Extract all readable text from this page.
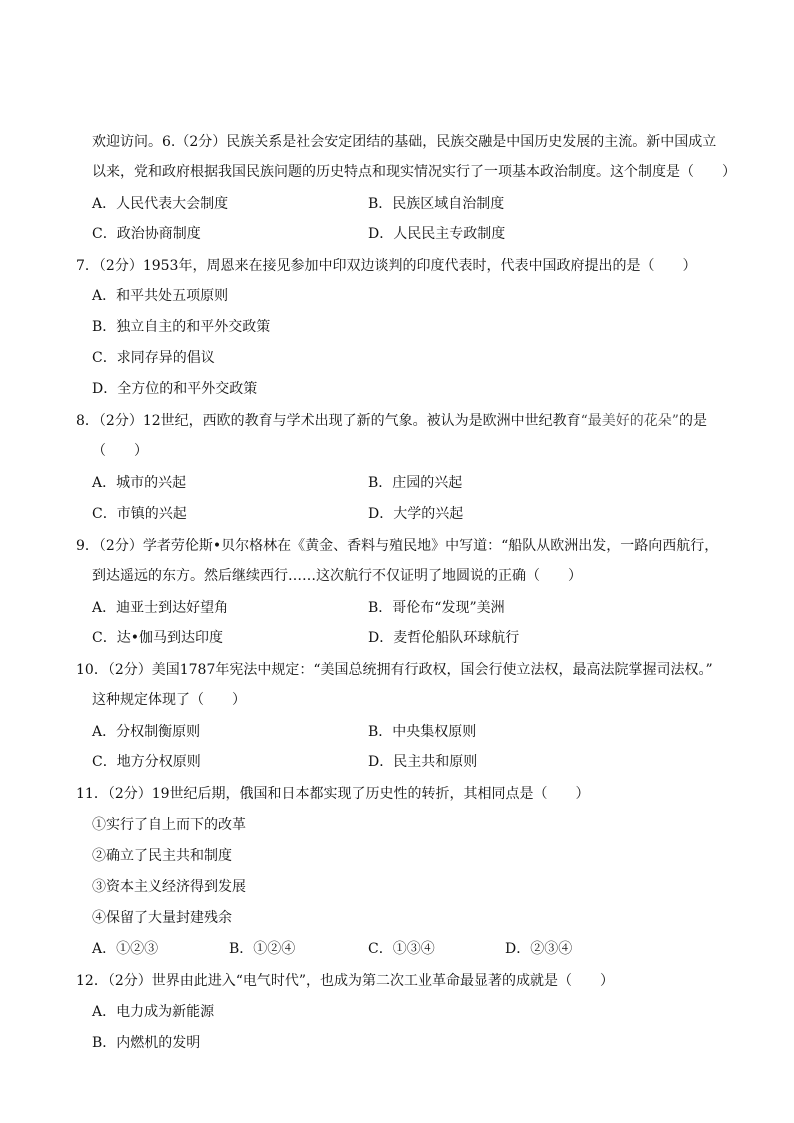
欢迎访问。6.（2分）民族关系是社会安定团结的基础，民族交融是中国历史发展的主流。新中国成立
以来，党和政府根据我国民族问题的历史特点和现实情况实行了一项基本政治制度。这个制度是（　　）
A．人民代表大会制度	B．民族区域自治制度
C．政治协商制度	D．人民民主专政制度
7．（2分）1953年，周恩来在接见参加中印双边谈判的印度代表时，代表中国政府提出的是（　　）
A．和平共处五项原则
B．独立自主的和平外交政策
C．求同存异的倡议
D．全方位的和平外交政策
8．（2分）12世纪，西欧的教育与学术出现了新的气象。被认为是欧洲中世纪教育“最美好的花朵”的是
（　　）
A．城市的兴起	B．庄园的兴起
C．市镇的兴起	D．大学的兴起
9．（2分）学者劳伦斯•贝尔格林在《黄金、香料与殖民地》中写道：“船队从欧洲出发，一路向西航行，
到达遥远的东方。然后继续西行……这次航行不仅证明了地圆说的正确（　　）
A．迪亚士到达好望角	B．哥伦布“发现”美洲
C．达•伽马到达印度	D．麦哲伦船队环球航行
10．（2分）美国1787年宪法中规定：“美国总统拥有行政权，国会行使立法权，最高法院掌握司法权。”
这种规定体现了（　　）
A．分权制衡原则	B．中央集权原则
C．地方分权原则	D．民主共和原则
11．（2分）19世纪后期，俄国和日本都实现了历史性的转折，其相同点是（　　）
①实行了自上而下的改革
②确立了民主共和制度
③资本主义经济得到发展
④保留了大量封建残余
A．①②③	B．①②④	C．①③④	D．②③④
12．（2分）世界由此进入“电气时代”，也成为第二次工业革命最显著的成就是（　　）
A．电力成为新能源
B．内燃机的发明
